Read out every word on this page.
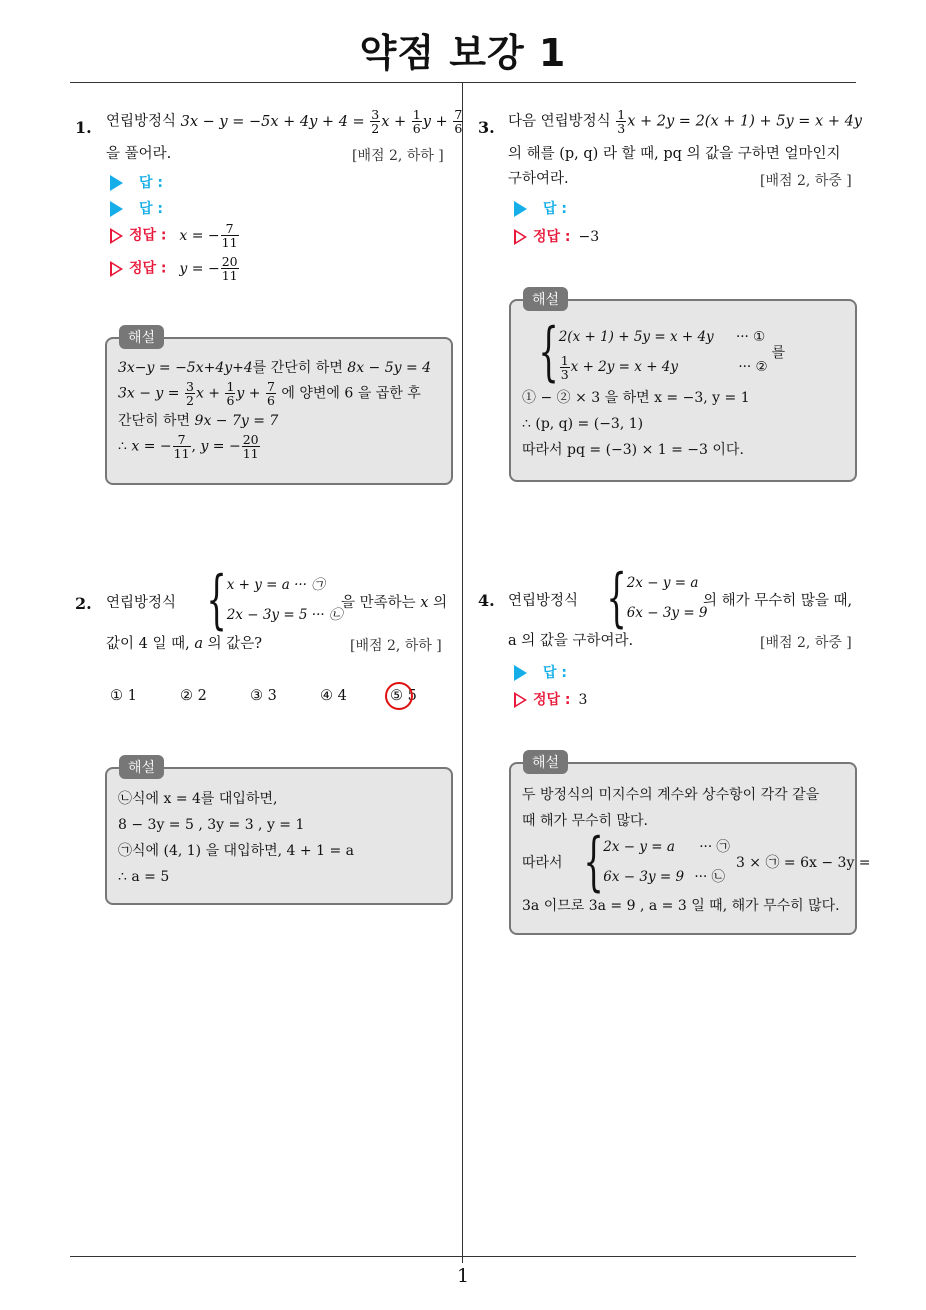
약점 보강 1
1
1. 연립방정식 $3x - y = -5x + 4y + 4 = \frac{3}{2}$ $x + \frac{1}{6}$ $y + \frac{7}{6}$
을 풀어라.	[배점 2, 하하 ]
답 :
답 :
정답 : x = − $\frac{7}{11}$
정답 : y = − $\frac{20}{11}$
해설
3x−y = −5x+4y+4를 간단히 하면 8x − 5y = 4
$3x - y = \frac{3}{2}$ $x + \frac{1}{6}$ $y + \frac{7}{6}$ 에 양변에 6 을 곱한 후
간단히 하면 9x − 7y = 7
∴ x = − $\frac{7}{11}$ , y = − $\frac{20}{11}$
2. 연립방정식 { x + y = a ··· ㉠
2x − 3y = 5 ··· ㉡
을 만족하는 x 의
값이 4 일 때, a 의 값은?	[배점 2, 하하 ]
① 1	② 2	③ 3	④ 4	⑤ 5
해설
㉡식에 x = 4를 대입하면,
8 − 3y = 5 , 3y = 3 , y = 1
㉠식에 (4, 1) 을 대입하면, 4 + 1 = a
∴ a = 5
3. 다음 연립방정식 $\frac{1}{3}$ x + 2y = 2(x + 1) + 5y = x + 4y
의 해를 (p, q) 라 할 때, pq 의 값을 구하면 얼마인지
구하여라.	[배점 2, 하중 ]
답 :
정답 : −3
해설
{ 2(x + 1) + 5y = x + 4y ··· ①
$\frac{1}{3}$ x + 2y = x + 4y	··· ②
를
① − ② × 3 을 하면 x = −3, y = 1
∴ (p, q) = (−3, 1)
따라서 pq = (−3) × 1 = −3 이다.
4. 연립방정식 { 2x − y = a
6x − 3y = 9
의 해가 무수히 많을 때,
a 의 값을 구하여라.	[배점 2, 하중 ]
답 :
정답 : 3
해설
두 방정식의 미지수의 계수와 상수항이 각각 같을
때 해가 무수히 많다.
따라서 { 2x − y = a ··· ㉠
6x − 3y = 9 ··· ㉡
3 × ㉠ = 6x − 3y =
3a 이므로 3a = 9 , a = 3 일 때, 해가 무수히 많다.
